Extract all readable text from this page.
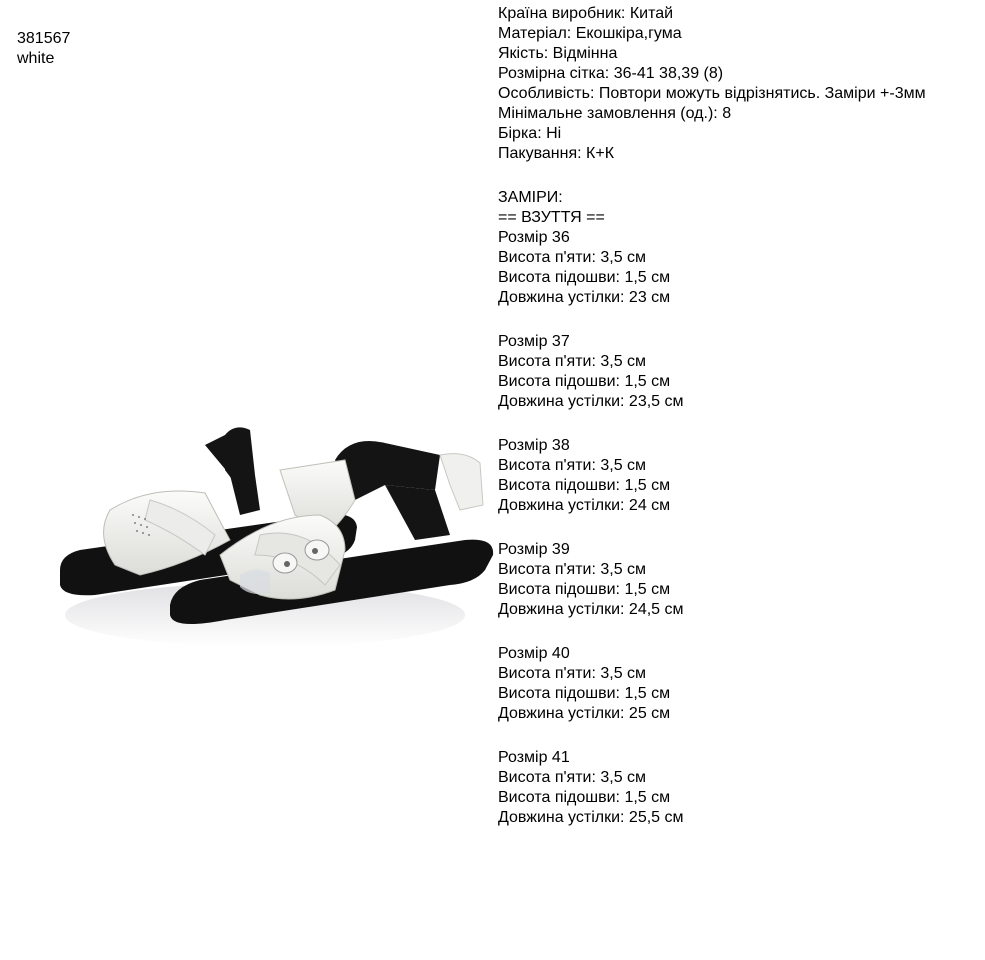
381567
white
Країна виробник: Китай
Матеріал: Екошкіра,гума
Якість: Відмінна
Розмірна сітка: 36-41 38,39 (8)
Особливість: Повтори можуть відрізнятись. Заміри +-3мм
Мінімальне замовлення (од.): 8
Бірка: Ні
Пакування: К+К
ЗАМІРИ:
== ВЗУТТЯ ==
Розмір 36
Висота п'яти: 3,5 см
Висота підошви: 1,5 см
Довжина устілки: 23 см
Розмір 37
Висота п'яти: 3,5 см
Висота підошви: 1,5 см
Довжина устілки: 23,5 см
Розмір 38
Висота п'яти: 3,5 см
Висота підошви: 1,5 см
Довжина устілки: 24 см
Розмір 39
Висота п'яти: 3,5 см
Висота підошви: 1,5 см
Довжина устілки: 24,5 см
Розмір 40
Висота п'яти: 3,5 см
Висота підошви: 1,5 см
Довжина устілки: 25 см
Розмір 41
Висота п'яти: 3,5 см
Висота підошви: 1,5 см
Довжина устілки: 25,5 см
